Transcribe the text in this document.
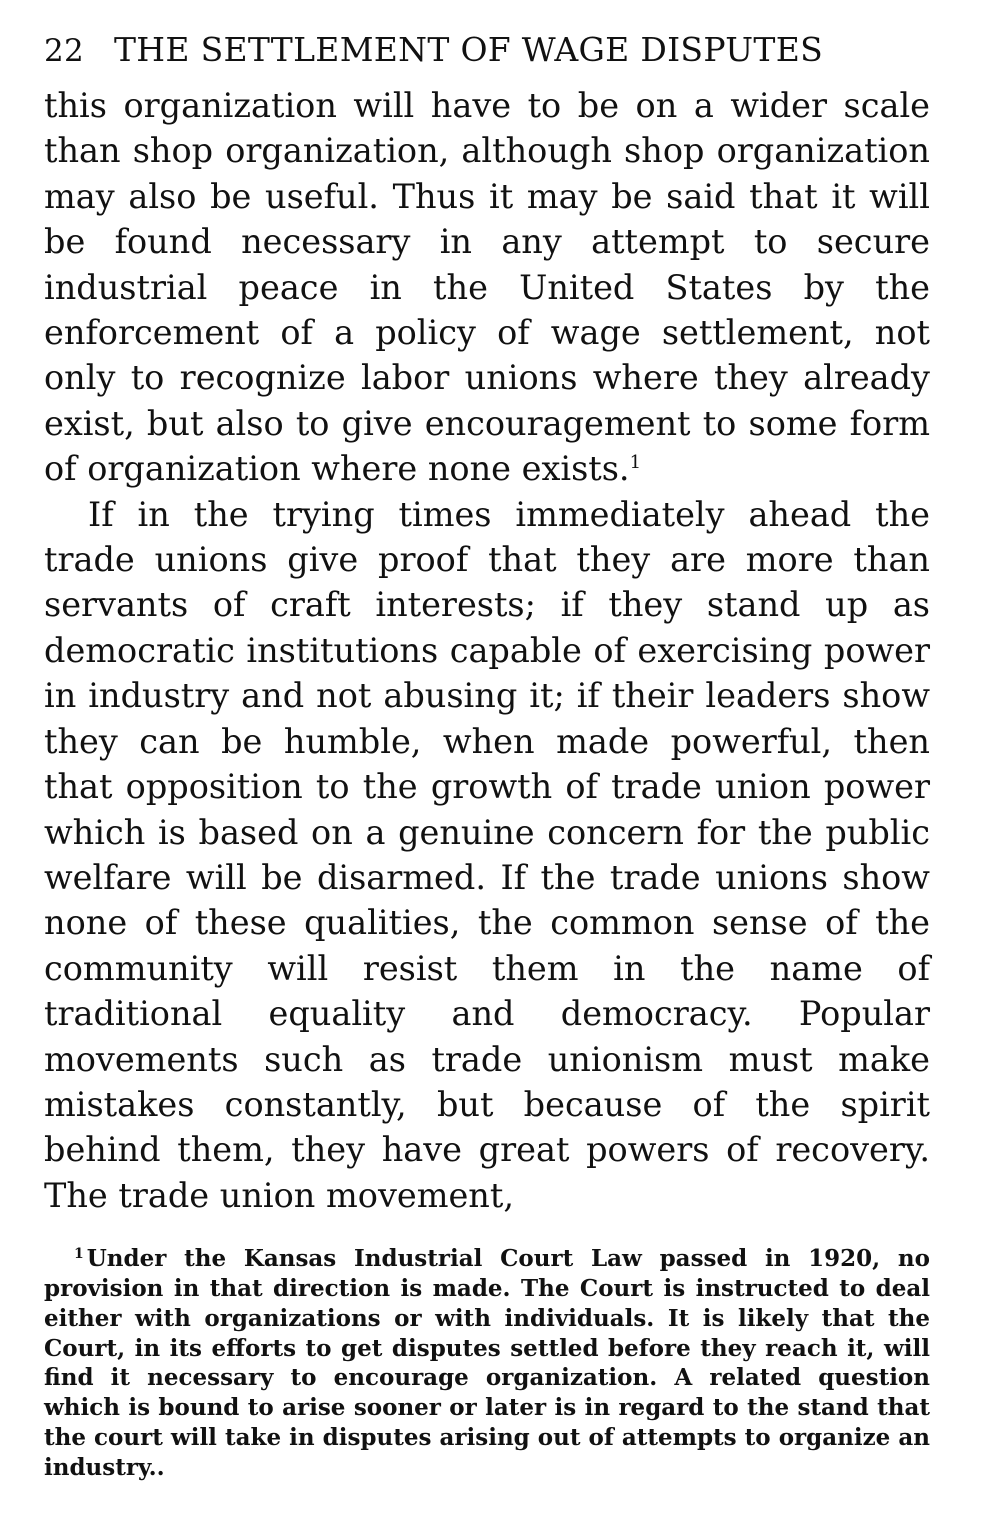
22 THE SETTLEMENT OF WAGE DISPUTES

this organization will have to be on a wider scale than shop organization, although shop organization may also be useful. Thus it may be said that it will be found necessary in any attempt to secure industrial peace in the United States by the enforcement of a policy of wage settlement, not only to recognize labor unions where they already exist, but also to give encouragement to some form of organization where none exists.$^1$

If in the trying times immediately ahead the trade unions give proof that they are more than servants of craft interests; if they stand up as democratic institutions capable of exercising power in industry and not abusing it; if their leaders show they can be humble, when made powerful, then that opposition to the growth of trade union power which is based on a genuine concern for the public welfare will be disarmed. If the trade unions show none of these qualities, the common sense of the community will resist them in the name of traditional equality and democracy. Popular movements such as trade unionism must make mistakes constantly, but because of the spirit behind them, they have great powers of recovery. The trade union movement,

$^1$ Under the Kansas Industrial Court Law passed in 1920, no provision in that direction is made. The Court is instructed to deal either with organizations or with individuals. It is likely that the Court, in its efforts to get disputes settled before they reach it, will find it necessary to encourage organization. A related question which is bound to arise sooner or later is in regard to the stand that the court will take in disputes arising out of attempts to organize an industry..
